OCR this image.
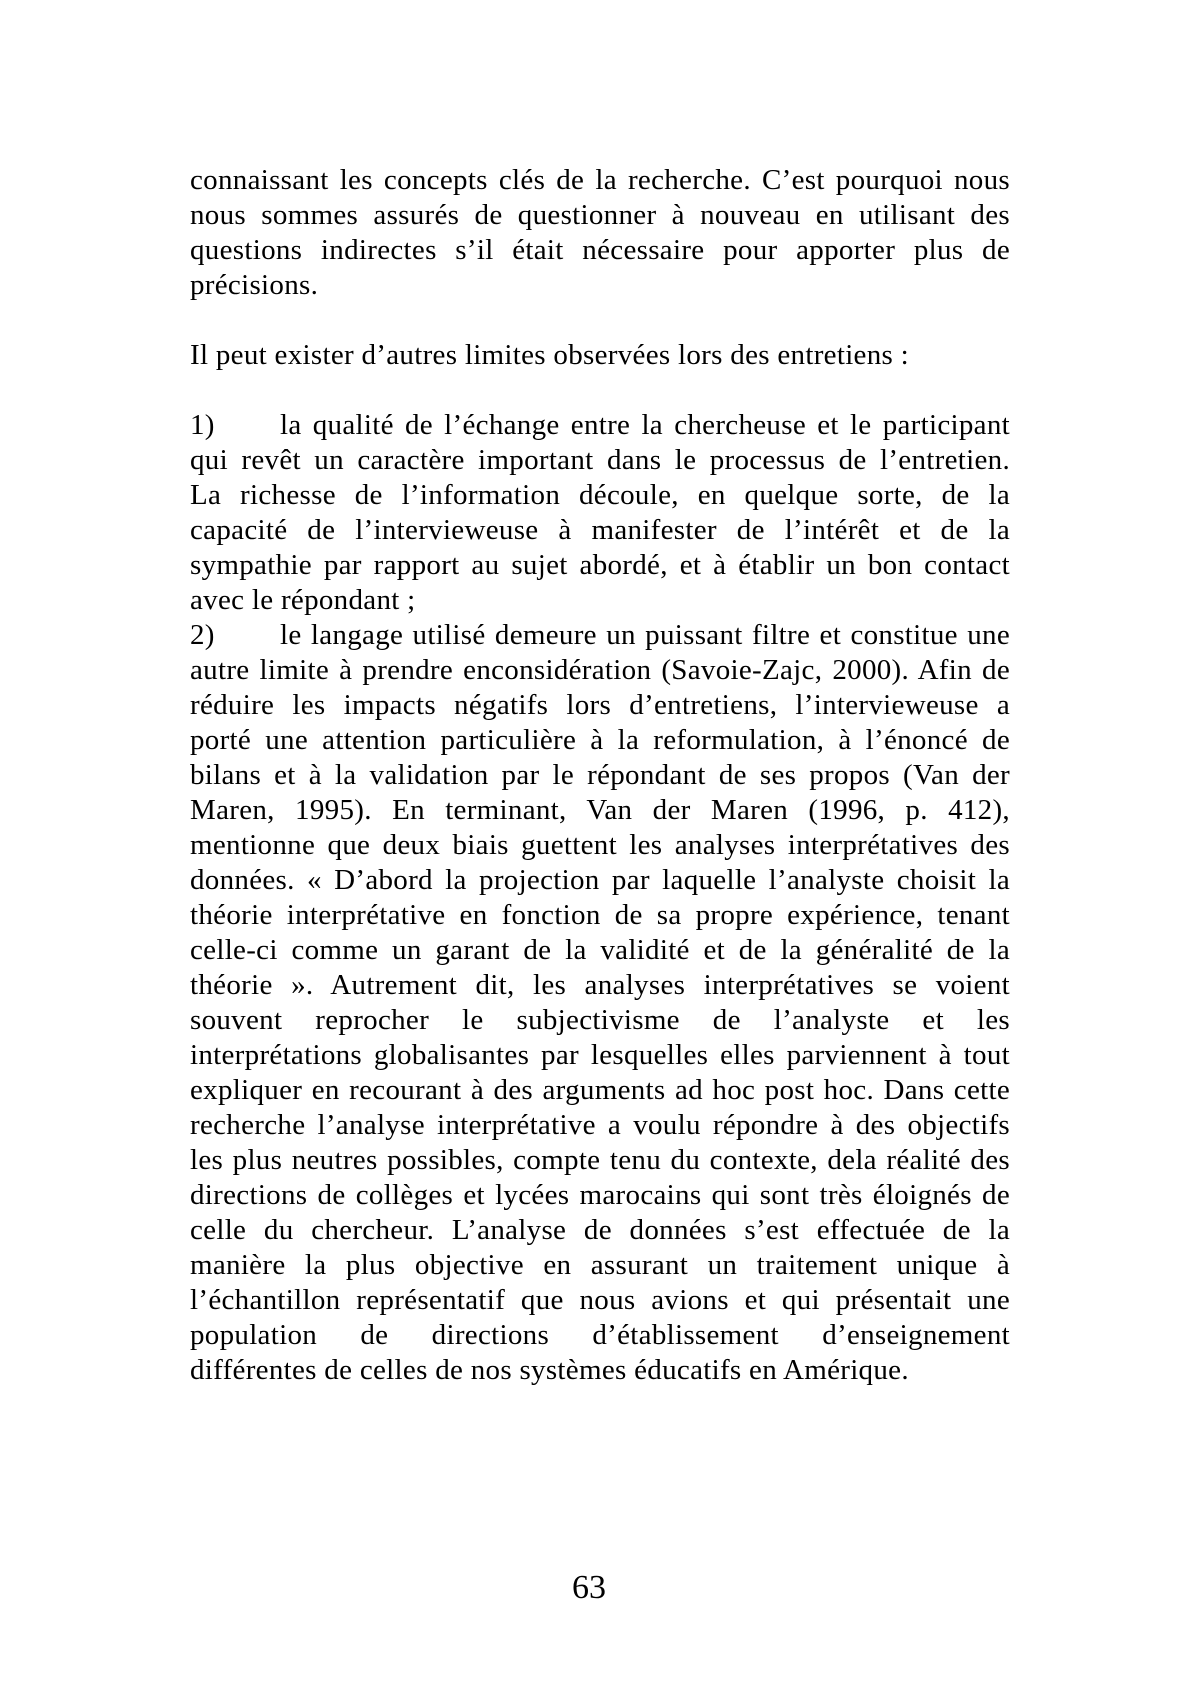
connaissant les concepts clés de la recherche. C’est pourquoi nous
nous sommes assurés de questionner à nouveau en utilisant des
questions indirectes s’il était nécessaire pour apporter plus de
précisions.
Il peut exister d’autres limites observées lors des entretiens :
1) la qualité de l’échange entre la chercheuse et le participant
qui revêt un caractère important dans le processus de l’entretien.
La richesse de l’information découle, en quelque sorte, de la
capacité de l’intervieweuse à manifester de l’intérêt et de la
sympathie par rapport au sujet abordé, et à établir un bon contact
avec le répondant ;
2) le langage utilisé demeure un puissant filtre et constitue une
autre limite à prendre enconsidération (Savoie-Zajc, 2000). Afin de
réduire les impacts négatifs lors d’entretiens, l’intervieweuse a
porté une attention particulière à la reformulation, à l’énoncé de
bilans et à la validation par le répondant de ses propos (Van der
Maren, 1995). En terminant, Van der Maren (1996, p. 412),
mentionne que deux biais guettent les analyses interprétatives des
données. « D’abord la projection par laquelle l’analyste choisit la
théorie interprétative en fonction de sa propre expérience, tenant
celle-ci comme un garant de la validité et de la généralité de la
théorie ». Autrement dit, les analyses interprétatives se voient
souvent reprocher le subjectivisme de l’analyste et les
interprétations globalisantes par lesquelles elles parviennent à tout
expliquer en recourant à des arguments ad hoc post hoc. Dans cette
recherche l’analyse interprétative a voulu répondre à des objectifs
les plus neutres possibles, compte tenu du contexte, dela réalité des
directions de collèges et lycées marocains qui sont très éloignés de
celle du chercheur. L’analyse de données s’est effectuée de la
manière la plus objective en assurant un traitement unique à
l’échantillon représentatif que nous avions et qui présentait une
population de directions d’établissement d’enseignement
différentes de celles de nos systèmes éducatifs en Amérique.
63
